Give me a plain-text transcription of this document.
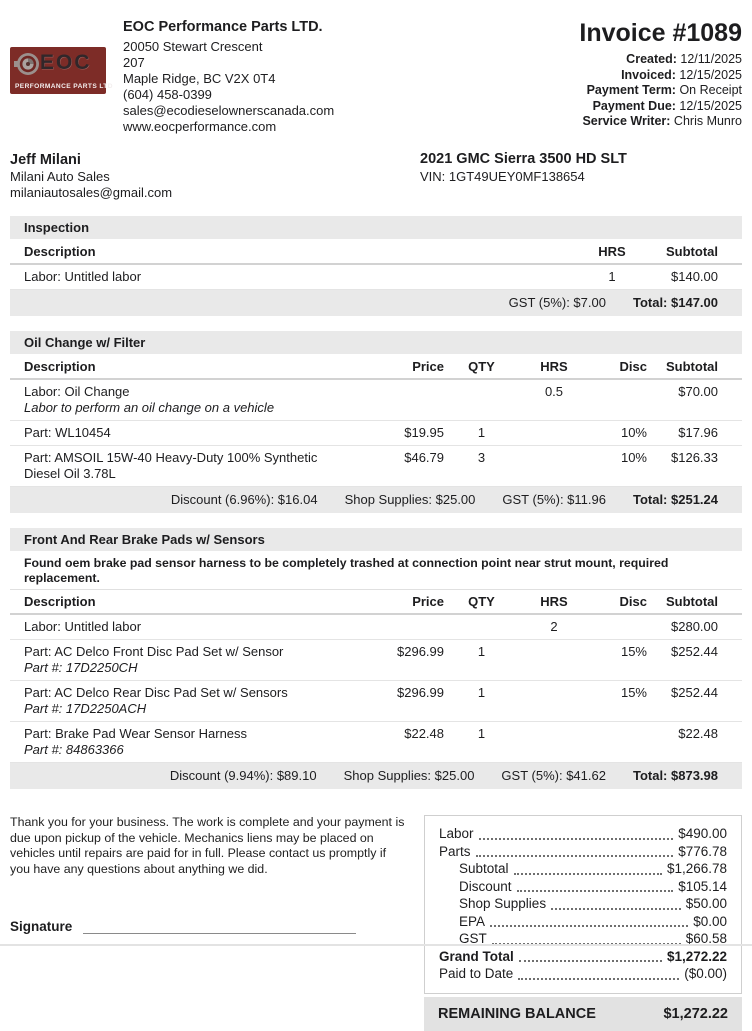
EOC
PERFORMANCE PARTS LTD
EOC Performance Parts LTD.
20050 Stewart Crescent
207
Maple Ridge, BC V2X 0T4
(604) 458-0399
sales@ecodieselownerscanada.com
www.eocperformance.com
Invoice #1089
Created: 12/11/2025
Invoiced: 12/15/2025
Payment Term: On Receipt
Payment Due: 12/15/2025
Service Writer: Chris Munro
Jeff Milani
Milani Auto Sales
milaniautosales@gmail.com
2021 GMC Sierra 3500 HD SLT
VIN: 1GT49UEY0MF138654
Inspection
Description	HRS	Subtotal

Labor: Untitled labor	1	$140.00
GST (5%): $7.00 Total: $147.00
Oil Change w/ Filter
Description	Price	QTY	HRS	Disc	Subtotal

Labor: Oil Change
Labor to perform an oil change on a vehicle			0.5		$70.00

Part: WL10454	$19.95	1		10%	$17.96

Part: AMSOIL 15W-40 Heavy-Duty 100% Synthetic Diesel Oil 3.78L	$46.79	3		10%	$126.33
Discount (6.96%): $16.04 Shop Supplies: $25.00 GST (5%): $11.96 Total: $251.24
Front And Rear Brake Pads w/ Sensors
Found oem brake pad sensor harness to be completely trashed at connection point near strut mount, required replacement.
Description	Price	QTY	HRS	Disc	Subtotal

Labor: Untitled labor			2		$280.00

Part: AC Delco Front Disc Pad Set w/ Sensor
Part #: 17D2250CH	$296.99	1		15%	$252.44

Part: AC Delco Rear Disc Pad Set w/ Sensors
Part #: 17D2250ACH	$296.99	1		15%	$252.44

Part: Brake Pad Wear Sensor Harness
Part #: 84863366	$22.48	1			$22.48
Discount (9.94%): $89.10 Shop Supplies: $25.00 GST (5%): $41.62 Total: $873.98
Thank you for your business. The work is complete and your payment is due upon pickup of the vehicle. Mechanics liens may be placed on vehicles until repairs are paid for in full. Please contact us promptly if you have any questions about anything we did.
Signature
Labor	$490.00
Parts	$776.78
Subtotal	$1,266.78
Discount	$105.14
Shop Supplies	$50.00
EPA	$0.00
GST	$60.58
Grand Total	$1,272.22
Paid to Date	($0.00)
REMAINING BALANCE	$1,272.22
